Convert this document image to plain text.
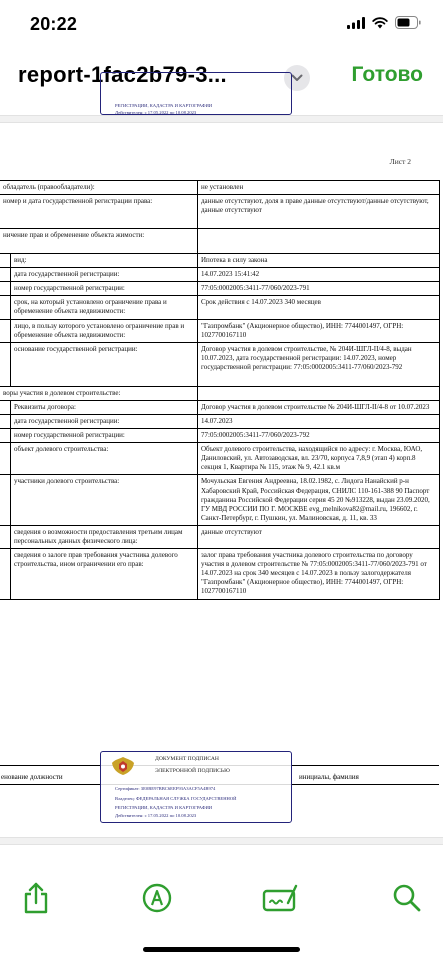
20:22
report-1fac2b79-3...	Готово
РЕГИСТРАЦИИ, КАДАСТРА И КАРТОГРАФИИ
Действителен: с 17.05.2022 по 10.08.2023
Лист 2
обладатель (правообладатели):		не установлен
номер и дата государственной регистрации права:		данные отсутствуют, доля в праве данные отсутствуют/данные отсутствуют, данные отсутствуют
ничение прав и обременение объекта жимости:		
	вид:	Ипотека в силу закона
	дата государственной регистрации:	14.07.2023 15:41:42
	номер государственной регистрации:	77:05:0002005:3411-77/060/2023-791
	срок, на который установлено ограничение права и обременение объекта недвижимости:	Срок действия с 14.07.2023 340 месяцев
	лицо, в пользу которого установлено ограничение прав и обременение объекта недвижимости:	"Газпромбанк" (Акционерное общество), ИНН: 7744001497, ОГРН: 1027700167110
	основание государственной регистрации:	Договор участия в долевом строительстве, № 204И-ШГЛ-II/4-8, выдан 10.07.2023, дата государственной регистрации: 14.07.2023, номер государственной регистрации: 77:05:0002005:3411-77/060/2023-792
воры участия в долевом строительстве:		
	Реквизиты договора:	Договор участия в долевом строительстве № 204И-ШГЛ-II/4-8 от 10.07.2023
	дата государственной регистрации:	14.07.2023
	номер государственной регистрации:	77:05:0002005:3411-77/060/2023-792
	объект долевого строительства:	Объект долевого строительства, находящийся по адресу: г. Москва, ЮАО, Даниловский, ул. Автозаводская, вл. 23/70, корпуса 7,8,9 (этап 4) корп.8 секция 1, Квартира № 115, этаж № 9, 42.1 кв.м
	участники долевого строительства:	Мочульская Евгения Андреевна, 18.02.1982, с. Лидога Нанайский р-н Хабаровский Край, Российская Федерация, СНИЛС 110-161-388 90 Паспорт гражданина Российской Федерации серия 45 20 №913228, выдан 23.09.2020, ГУ МВД РОССИИ ПО Г. МОСКВЕ evg_melnikova82@mail.ru, 196602, г. Санкт-Петербург, г. Пушкин, ул. Малиновская, д. 11, кв. 33
	сведения о возможности предоставления третьим лицам персональных данных физического лица:	данные отсутствуют
	сведения о залоге прав требования участника долевого строительства, ином ограничении его прав:	залог права требования участника долевого строительства по договору участия в долевом строительстве № 77:05:0002005:3411-77/060/2023-791 от 14.07.2023 на срок 340 месяцев с 14.07.2023 в пользу залогодержателя "Газпромбанк" (Акционерное общество), ИНН: 7744001497, ОГРН: 1027700167110
енование должности	инициалы, фамилия
ДОКУМЕНТ ПОДПИСАН
ЭЛЕКТРОННОЙ ПОДПИСЬЮ
Сертификат: 3E0BE97BBC6EEF93A3ACF5A4B974
Владелец: ФЕДЕРАЛЬНАЯ СЛУЖБА ГОСУДАРСТВЕННОЙ
РЕГИСТРАЦИИ, КАДАСТРА И КАРТОГРАФИИ
Действителен: с 17.05.2022 по 10.08.2023
